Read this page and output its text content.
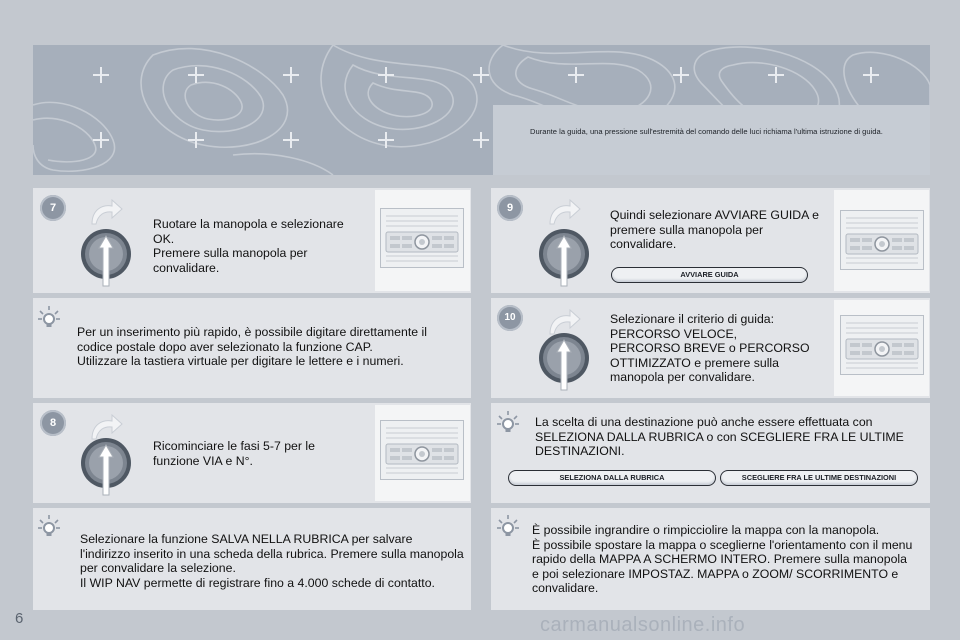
Durante la guida, una pressione sull'estremità del comando delle luci richiama l'ultima istruzione di guida.
7
Ruotare la manopola e selezionare OK.
Premere sulla manopola per convalidare.
Per un inserimento più rapido, è possibile digitare direttamente il codice postale dopo aver selezionato la funzione CAP.
Utilizzare la tastiera virtuale per digitare le lettere e i numeri.
8
Ricominciare le fasi 5-7 per le funzione VIA e N°.
Selezionare la funzione SALVA NELLA RUBRICA per salvare l'indirizzo inserito in una scheda della rubrica. Premere sulla manopola per convalidare la selezione.
Il WIP NAV permette di registrare fino a 4.000 schede di contatto.
9	Quindi selezionare AVVIARE GUIDA e premere sulla manopola per convalidare.
AVVIARE GUIDA
10	Selezionare il criterio di guida:
PERCORSO VELOCE,
PERCORSO BREVE o PERCORSO OTTIMIZZATO e premere sulla manopola per convalidare.
La scelta di una destinazione può anche essere effettuata con SELEZIONA DALLA RUBRICA o con SCEGLIERE FRA LE ULTIME DESTINAZIONI.
SELEZIONA DALLA RUBRICA	SCEGLIERE FRA LE ULTIME DESTINAZIONI
È possibile ingrandire o rimpicciolire la mappa con la manopola.
È possibile spostare la mappa o sceglierne l'orientamento con il menu rapido della MAPPA A SCHERMO INTERO. Premere sulla manopola e poi selezionare IMPOSTAZ. MAPPA o ZOOM/ SCORRIMENTO e convalidare.
6	carmanualsonline.info
